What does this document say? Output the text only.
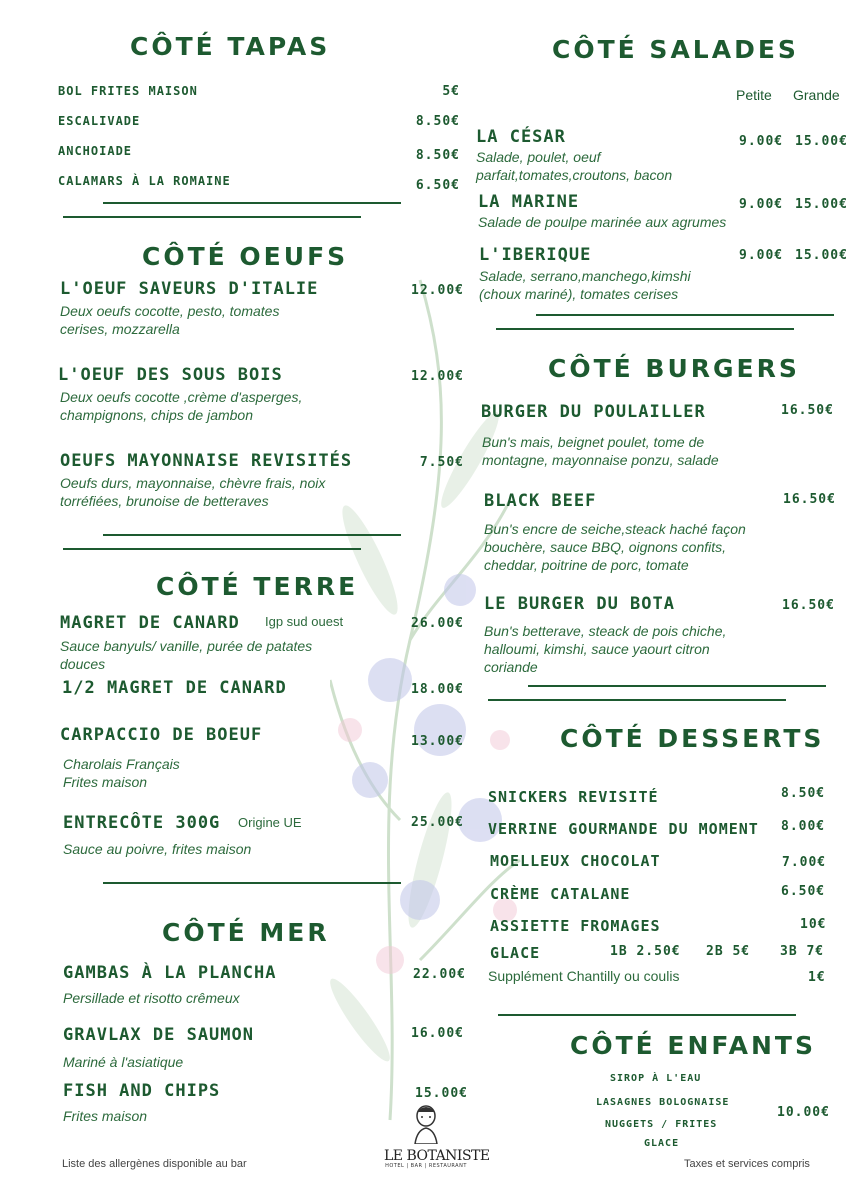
CÔTÉ TAPAS
BOL FRITES MAISON	5€
ESCALIVADE	8.50€
ANCHOIADE	8.50€
CALAMARS À LA ROMAINE	6.50€
CÔTÉ OEUFS
L'OEUF SAVEURS D'ITALIE	12.00€
Deux oeufs cocotte, pesto, tomates cerises, mozzarella
L'OEUF DES SOUS BOIS	12.00€
Deux oeufs cocotte ,crème d'asperges, champignons, chips de jambon
OEUFS MAYONNAISE REVISITÉS	7.50€
Oeufs durs, mayonnaise, chèvre frais, noix torréfiées, brunoise de betteraves
CÔTÉ TERRE
MAGRET DE CANARD Igp sud ouest	26.00€
Sauce banyuls/ vanille, purée de patates douces
1/2 MAGRET DE CANARD	18.00€
CARPACCIO DE BOEUF	13.00€
Charolais Français Frites maison
ENTRECÔTE 300G Origine UE	25.00€
Sauce au poivre, frites maison
CÔTÉ MER
GAMBAS À LA PLANCHA	22.00€
Persillade et risotto crêmeux
GRAVLAX DE SAUMON	16.00€
Mariné à l'asiatique
FISH AND CHIPS	15.00€
Frites maison
CÔTÉ SALADES
Petite Grande
LA CÉSAR	9.00€ 15.00€
Salade, poulet, oeuf parfait,tomates,croutons, bacon
LA MARINE	9.00€ 15.00€
Salade de poulpe marinée aux agrumes
L'IBERIQUE	9.00€ 15.00€
Salade, serrano,manchego,kimshi (choux mariné), tomates cerises
CÔTÉ BURGERS
BURGER DU POULAILLER	16.50€
Bun's mais, beignet poulet, tome de montagne, mayonnaise ponzu, salade
BLACK BEEF	16.50€
Bun's encre de seiche,steack haché façon bouchère, sauce BBQ, oignons confits, cheddar, poitrine de porc, tomate
LE BURGER DU BOTA	16.50€
Bun's betterave, steack de pois chiche, halloumi, kimshi, sauce yaourt citron coriande
CÔTÉ DESSERTS
SNICKERS REVISITÉ	8.50€
VERRINE GOURMANDE DU MOMENT 8.00€
MOELLEUX CHOCOLAT	7.00€
CRÈME CATALANE	6.50€
ASSIETTE FROMAGES	10€
GLACE	1B 2.50€ 2B 5€ 3B 7€
Supplément Chantilly ou coulis	1€
CÔTÉ ENFANTS
SIROP À L'EAU
LASAGNES BOLOGNAISE
NUGGETS / FRITES
GLACE
10.00€
Liste des allergènes disponible au bar	Taxes et services compris
LE BOTANISTE
HOTEL | BAR | RESTAURANT
